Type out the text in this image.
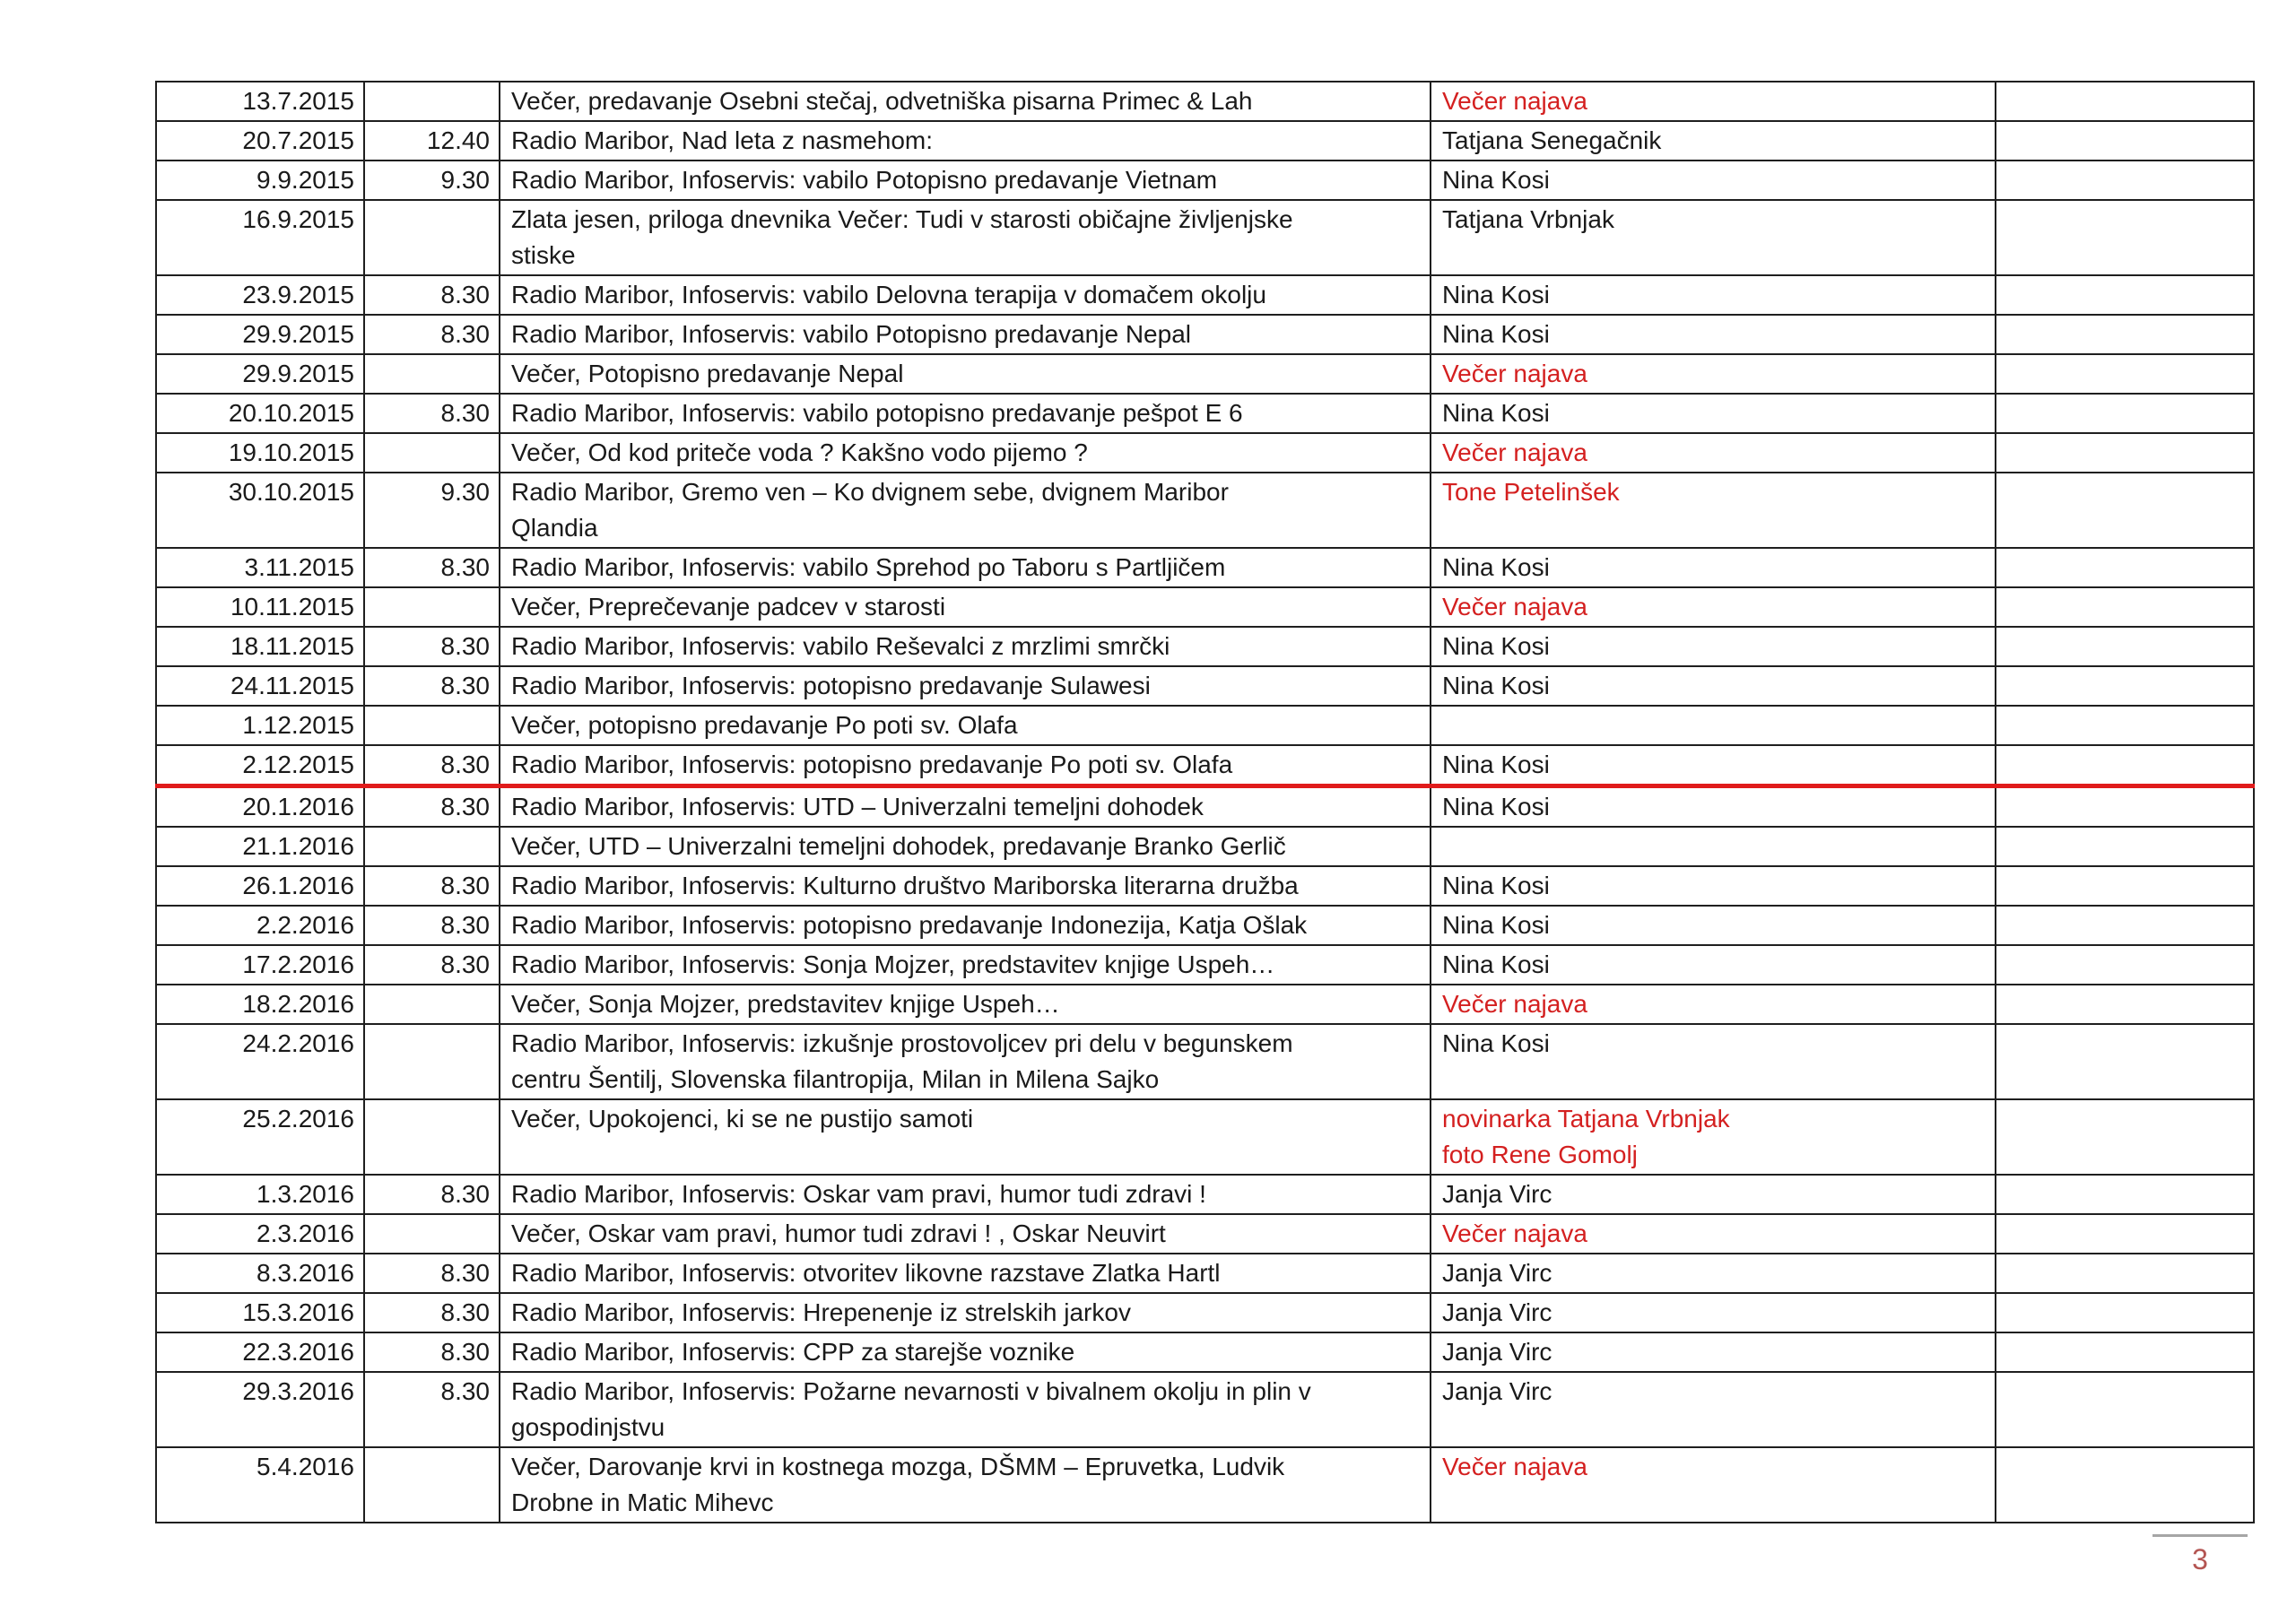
13.7.2015		Večer, predavanje Osebni stečaj, odvetniška pisarna Primec & Lah	Večer najava	
20.7.2015	12.40	Radio Maribor, Nad leta z nasmehom:	Tatjana Senegačnik	
9.9.2015	9.30	Radio Maribor, Infoservis: vabilo Potopisno predavanje Vietnam	Nina Kosi	
16.9.2015		Zlata jesen, priloga dnevnika Večer: Tudi v starosti običajne življenjske
stiske	Tatjana Vrbnjak	
23.9.2015	8.30	Radio Maribor, Infoservis: vabilo Delovna terapija v domačem okolju	Nina Kosi	
29.9.2015	8.30	Radio Maribor, Infoservis: vabilo Potopisno predavanje Nepal	Nina Kosi	
29.9.2015		Večer, Potopisno predavanje Nepal	Večer najava	
20.10.2015	8.30	Radio Maribor, Infoservis: vabilo potopisno predavanje pešpot E 6	Nina Kosi	
19.10.2015		Večer, Od kod priteče voda ? Kakšno vodo pijemo ?	Večer najava	
30.10.2015	9.30	Radio Maribor, Gremo ven – Ko dvignem sebe, dvignem Maribor
Qlandia	Tone Petelinšek	
3.11.2015	8.30	Radio Maribor, Infoservis: vabilo Sprehod po Taboru s Partljičem	Nina Kosi	
10.11.2015		Večer, Preprečevanje padcev v starosti	Večer najava	
18.11.2015	8.30	Radio Maribor, Infoservis: vabilo Reševalci z mrzlimi smrčki	Nina Kosi	
24.11.2015	8.30	Radio Maribor, Infoservis: potopisno predavanje Sulawesi	Nina Kosi	
1.12.2015		Večer, potopisno predavanje Po poti sv. Olafa		
2.12.2015	8.30	Radio Maribor, Infoservis: potopisno predavanje Po poti sv. Olafa	Nina Kosi	
20.1.2016	8.30	Radio Maribor, Infoservis: UTD – Univerzalni temeljni dohodek	Nina Kosi	
21.1.2016		Večer, UTD – Univerzalni temeljni dohodek, predavanje Branko Gerlič		
26.1.2016	8.30	Radio Maribor, Infoservis: Kulturno društvo Mariborska literarna družba	Nina Kosi	
2.2.2016	8.30	Radio Maribor, Infoservis: potopisno predavanje Indonezija, Katja Ošlak	Nina Kosi	
17.2.2016	8.30	Radio Maribor, Infoservis: Sonja Mojzer, predstavitev knjige Uspeh…	Nina Kosi	
18.2.2016		Večer, Sonja Mojzer, predstavitev knjige Uspeh…	Večer najava	
24.2.2016		Radio Maribor, Infoservis: izkušnje prostovoljcev pri delu v begunskem
centru Šentilj, Slovenska filantropija, Milan in Milena Sajko	Nina Kosi	
25.2.2016		Večer, Upokojenci, ki se ne pustijo samoti	novinarka Tatjana Vrbnjak
foto Rene Gomolj	
1.3.2016	8.30	Radio Maribor, Infoservis: Oskar vam pravi, humor tudi zdravi !	Janja Virc	
2.3.2016		Večer, Oskar vam pravi, humor tudi zdravi ! , Oskar Neuvirt	Večer najava	
8.3.2016	8.30	Radio Maribor, Infoservis: otvoritev likovne razstave Zlatka Hartl	Janja Virc	
15.3.2016	8.30	Radio Maribor, Infoservis: Hrepenenje iz strelskih jarkov	Janja Virc	
22.3.2016	8.30	Radio Maribor, Infoservis: CPP za starejše voznike	Janja Virc	
29.3.2016	8.30	Radio Maribor, Infoservis: Požarne nevarnosti v bivalnem okolju in plin v
gospodinjstvu	Janja Virc	
5.4.2016		Večer, Darovanje krvi in kostnega mozga, DŠMM – Epruvetka, Ludvik
Drobne in Matic Mihevc	Večer najava	
3
